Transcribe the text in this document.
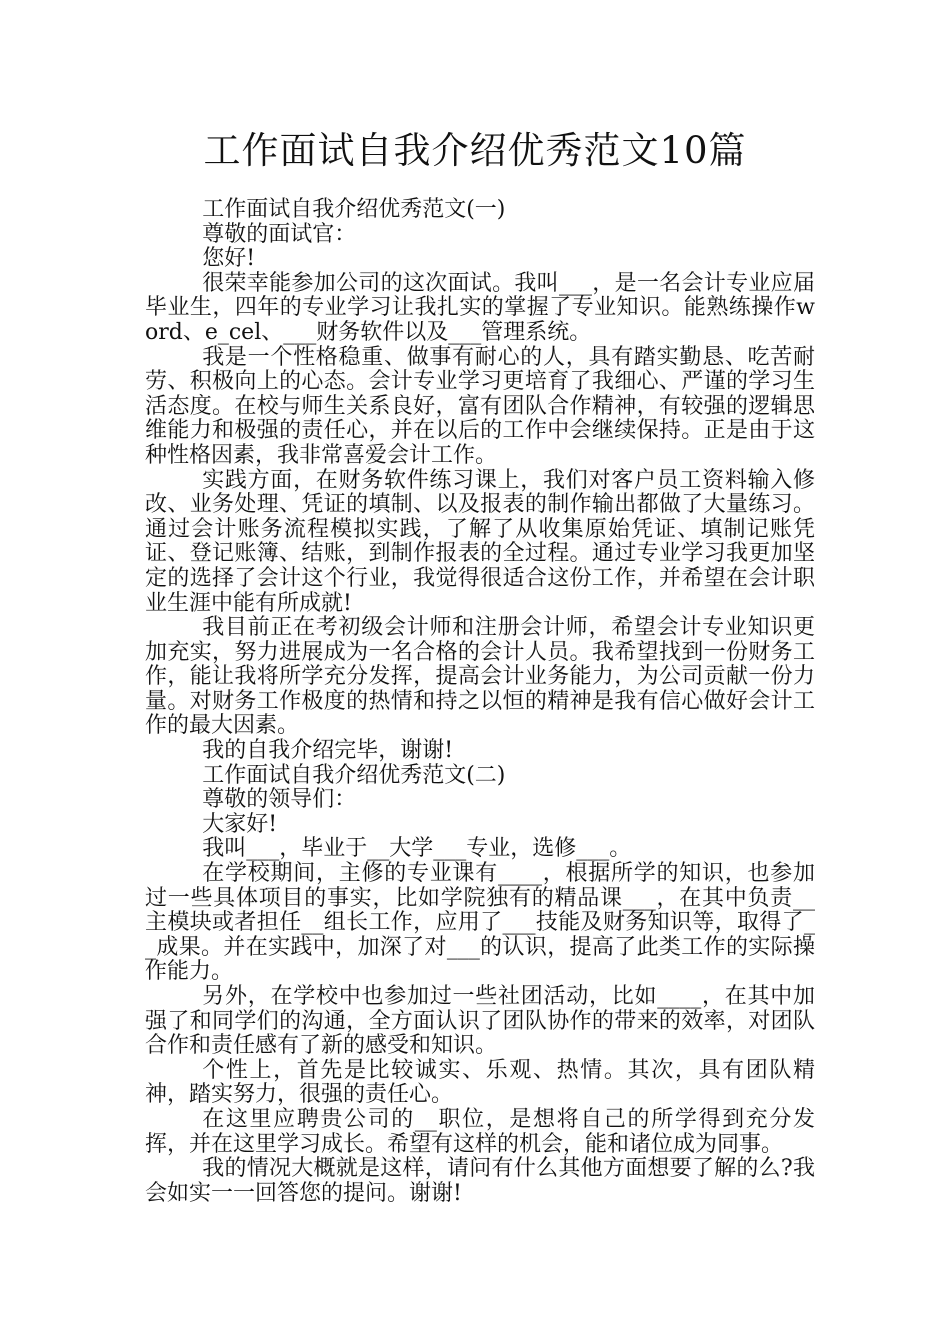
工作面试自我介绍优秀范文10篇

工作面试自我介绍优秀范文(一)

尊敬的面试官：

您好!

很荣幸能参加公司的这次面试。我叫___，是一名会计专业应届毕业生，四年的专业学习让我扎实的掌握了专业知识。能熟练操作word、e_cel、___财务软件以及___管理系统。

我是一个性格稳重、做事有耐心的人，具有踏实勤恳、吃苦耐劳、积极向上的心态。会计专业学习更培育了我细心、严谨的学习生活态度。在校与师生关系良好，富有团队合作精神，有较强的逻辑思维能力和极强的责任心，并在以后的工作中会继续保持。正是由于这种性格因素，我非常喜爱会计工作。

实践方面，在财务软件练习课上，我们对客户员工资料输入修改、业务处理、凭证的填制、以及报表的制作输出都做了大量练习。通过会计账务流程模拟实践，了解了从收集原始凭证、填制记账凭证、登记账簿、结账，到制作报表的全过程。通过专业学习我更加坚定的选择了会计这个行业，我觉得很适合这份工作，并希望在会计职业生涯中能有所成就!

我目前正在考初级会计师和注册会计师，希望会计专业知识更加充实，努力进展成为一名合格的会计人员。我希望找到一份财务工作，能让我将所学充分发挥，提高会计业务能力，为公司贡献一份力量。对财务工作极度的热情和持之以恒的精神是我有信心做好会计工作的最大因素。

我的自我介绍完毕，谢谢!

工作面试自我介绍优秀范文(二)

尊敬的领导们：

大家好!

我叫___，毕业于__大学___专业，选修___。

在学校期间，主修的专业课有____，根据所学的知识，也参加过一些具体项目的事实，比如学院独有的精品课___，在其中负责__主模块或者担任__组长工作，应用了___技能及财务知识等，取得了__成果。并在实践中，加深了对___的认识，提高了此类工作的实际操作能力。

另外，在学校中也参加过一些社团活动，比如____，在其中加强了和同学们的沟通，全方面认识了团队协作的带来的效率，对团队合作和责任感有了新的感受和知识。

个性上，首先是比较诚实、乐观、热情。其次，具有团队精神，踏实努力，很强的责任心。

在这里应聘贵公司的__职位，是想将自己的所学得到充分发挥，并在这里学习成长。希望有这样的机会，能和诸位成为同事。

我的情况大概就是这样，请问有什么其他方面想要了解的么?我会如实一一回答您的提问。谢谢!
